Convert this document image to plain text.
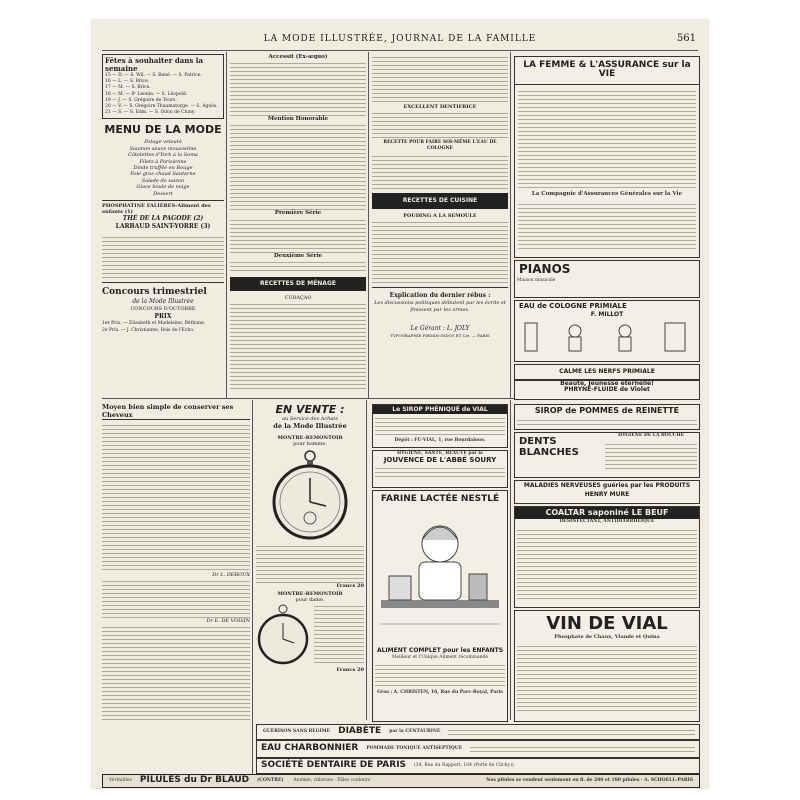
LA MODE ILLUSTRÉE, JOURNAL DE LA FAMILLE	561
Fêtes à souhaiter dans la semaine
15 — D. — S. Wil. — S. René. — S. Patrice.
16 — L. — S. Brice.
17 — M. — S. Brice.
18 — M. — 8ᵉ Léonie. — S. Léopold.
19 — J. — S. Grégoire de Tours.
20 — V. — S. Grégoire Thaumaturge. — S. Agnès.
21 — S. — S. Edm. — S. Odon de Cluny.
MENU DE LA MODE
Potage velouté
Saumon sauce mousseline
Côtelettes d'York à la Soma
Filets à Parisienne
Dinde truffée en Bouge
Foie gras chaud Sauterne
Salade de saison
Glace boule de neige
Dessert
PHOSPHATINE FALIÈRES-Aliment des enfants (1)
THÉ DE LA PAGODE (2)
LARBAUD SAINT-YORRE (3)
Concours trimestriel
de la Mode Illustrée
CONCOURS D'OCTOBRE
PRIX
1er Prix. — Elisabeth et Madeleine, Béthune.
2e Prix. — J. Christianne, Bois de l'Echo.
Accessit (Ex-æquo)
Mention Honorable
Première Série
Deuxième Série
RECETTES DE MÉNAGE
CURAÇAO
EXCELLENT DENTIFRICE
RECETTE POUR FAIRE SOI-MÊME L'EAU DE COLOGNE
RECETTES DE CUISINE
POUDING A LA SEMOULE
Explication du dernier rébus :
Les discussions politiques débutent par les écrits et finissent par les armes.
Le Gérant : L. JOLY
TYPOGRAPHIE FIRMIN-DIDOT ET Cie. — PARIS
LA FEMME & L'ASSURANCE sur la VIE
La Compagnie d'Assurances Générales sur la Vie
PIANOS
Maison musicale
EAU de COLOGNE PRIMIALE
F. MILLOT
CALME LES NERFS PRIMIALE
Beauté, Jeunesse éternelle!
PHRYNÉ-FLUIDE de Violet
Moyen bien simple de conserver ses Cheveux
Dr L. DEROUX
Dr E. DE VOISIN
EN VENTE :
au Service des Achats
de la Mode Illustrée
MONTRE-REMONTOIR
pour homme.
Francs 20
MONTRE-REMONTOIR
pour dame.
Francs 20
Le SIROP PHÉNIQUÉ de VIAL
Dépôt : FU-VIAL, 1, rue Bourdaloue.
HYGIÈNE, SANTÉ, BEAUTÉ par la
JOUVENCE DE L'ABBÉ SOURY
FARINE LACTÉE NESTLÉ
ALIMENT COMPLET pour les ENFANTS
Meilleur et l'Unique Aliment recommandé
Gros : A. CHRISTEN, 16, Rue du Parc-Royal, Paris
SIROP de POMMES de REINETTE
DENTS BLANCHES
HYGIÈNE DE LA BOUCHE
MALADIES NERVEUSES guéries par les PRODUITS HENRY MURE
COALTAR saponiné LE BEUF
DÉSINFECTANT, ANTIDIARRHÉIQUE
VIN DE VIAL
Phosphate de Chaux, Viande et Quina
GUÉRISON SANS REGIME DIABÈTE	par la CENTAURINE
EAU CHARBONNIER	POMMADE TONIQUE ANTISEPTIQUE
SOCIÉTÉ DENTAIRE DE PARIS	(34, Rue du Rapport, 104 (Porte de Clichy))
Véritables PILULES du Dr BLAUD	(CONTRE)	Anémie, chlorose · Pâles couleurs	Nos pilules se vendent seulement en fl. de 200 et 100 pilules · A. SCHOELL-PARIS
